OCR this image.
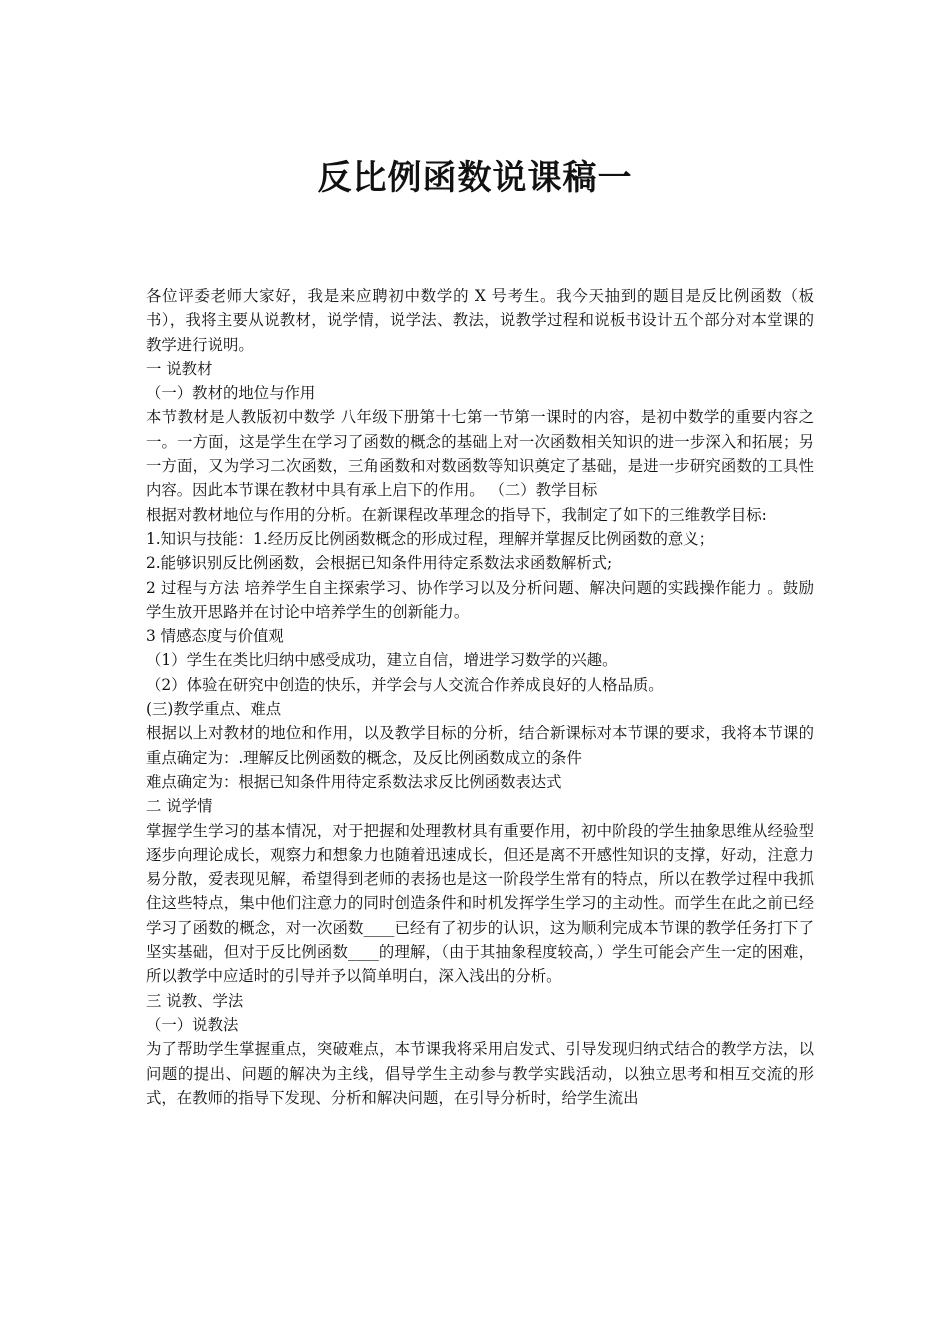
反比例函数说课稿一

各位评委老师大家好，我是来应聘初中数学的 X 号考生。我今天抽到的题目是反比例函数（板书），我将主要从说教材，说学情，说学法、教法，说教学过程和说板书设计五个部分对本堂课的教学进行说明。

一 说教材

（一）教材的地位与作用

本节教材是人教版初中数学 八年级下册第十七第一节第一课时的内容，是初中数学的重要内容之一。一方面，这是学生在学习了函数的概念的基础上对一次函数相关知识的进一步深入和拓展；另一方面，又为学习二次函数，三角函数和对数函数等知识奠定了基础，是进一步研究函数的工具性内容。因此本节课在教材中具有承上启下的作用。 （二）教学目标

根据对教材地位与作用的分析。在新课程改革理念的指导下，我制定了如下的三维教学目标:

1.知识与技能：1.经历反比例函数概念的形成过程，理解并掌握反比例函数的意义；

2.能够识别反比例函数，会根据已知条件用待定系数法求函数解析式;

2 过程与方法 培养学生自主探索学习、协作学习以及分析问题、解决问题的实践操作能力 。鼓励学生放开思路并在讨论中培养学生的创新能力。

3 情感态度与价值观

（1）学生在类比归纳中感受成功，建立自信，增进学习数学的兴趣。

（2）体验在研究中创造的快乐，并学会与人交流合作养成良好的人格品质。

(三)教学重点、难点

根据以上对教材的地位和作用，以及教学目标的分析，结合新课标对本节课的要求，我将本节课的重点确定为：.理解反比例函数的概念，及反比例函数成立的条件

难点确定为：根据已知条件用待定系数法求反比例函数表达式

二 说学情

掌握学生学习的基本情况，对于把握和处理教材具有重要作用，初中阶段的学生抽象思维从经验型逐步向理论成长，观察力和想象力也随着迅速成长，但还是离不开感性知识的支撑，好动，注意力易分散，爱表现见解，希望得到老师的表扬也是这一阶段学生常有的特点，所以在教学过程中我抓住这些特点，集中他们注意力的同时创造条件和时机发挥学生学习的主动性。而学生在此之前已经学习了函数的概念，对一次函数____已经有了初步的认识，这为顺利完成本节课的教学任务打下了坚实基础，但对于反比例函数____的理解，（由于其抽象程度较高，）学生可能会产生一定的困难，所以教学中应适时的引导并予以简单明白，深入浅出的分析。

三 说教、学法

（一）说教法

为了帮助学生掌握重点，突破难点，本节课我将采用启发式、引导发现归纳式结合的教学方法，以问题的提出、问题的解决为主线，倡导学生主动参与教学实践活动，以独立思考和相互交流的形式，在教师的指导下发现、分析和解决问题，在引导分析时，给学生流出
